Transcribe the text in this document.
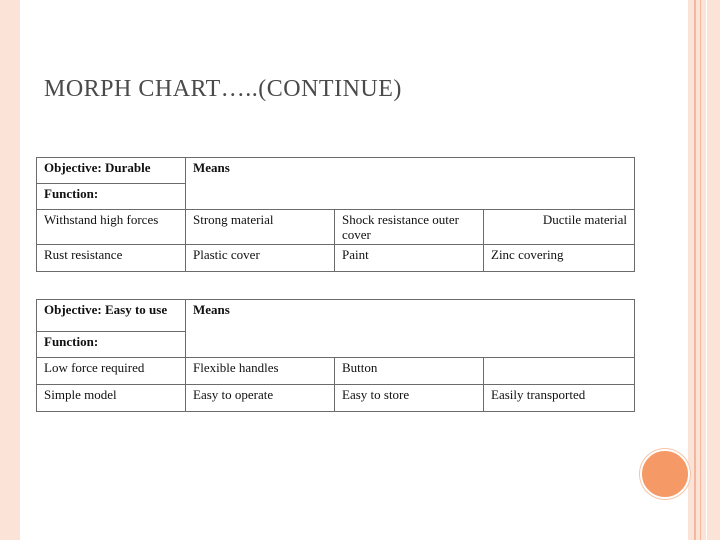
MORPH CHART…..(CONTINUE)
Objective: Durable	Means		
Function:			
Withstand high forces	Strong material	Shock resistance outer cover	Ductile material
Rust resistance	Plastic cover	Paint	Zinc covering
Objective: Easy to use	Means		
Function:			
Low force required	Flexible handles	Button	
Simple model	Easy to operate	Easy to store	Easily transported
